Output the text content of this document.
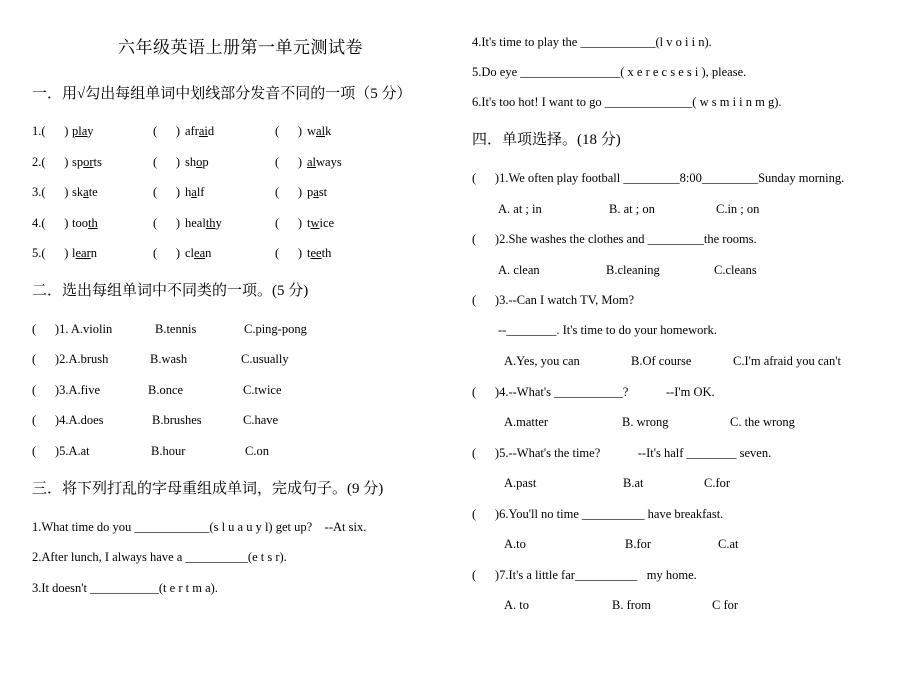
六年级英语上册第一单元测试卷
一．用√勾出每组单词中划线部分发音不同的一项（5 分）
1.(      ) play	(      ) afraid	(      ) walk
2.(      ) sports	(      ) shop	(      ) always
3.(      ) skate	(      ) half	(      ) past
4.(      ) tooth	(      ) healthy	(      ) twice
5.(      ) learn	(      ) clean	(      ) teeth
二．选出每组单词中不同类的一项。(5 分)

(      )1. A.violin

	B.tennis

	C.ping-pong

(      )2.A.brush

	B.wash

	C.usually

(      )3.A.five

	B.once

	C.twice

(      )4.A.does

	B.brushes

	C.have

(      )5.A.at

	B.hour

	C.on

三．将下列打乱的字母重组成单词，完成句子。(9 分)
1.What time do you ____________(s l u a u y l) get up?    --At six.
2.After lunch, I always have a __________(e t s r).
3.It doesn't ___________(t e r t m a).
4.It's time to play the ____________(l v o i i n).
5.Do eye ________________( x e r e c s e s i ), please.
6.It's too hot! I want to go ______________( w s m i i n m g).
四．单项选择。(18 分)
(      )1.We often play football _________8:00_________Sunday morning.

A. at ; in

	B. at ; on

	C.in ; on

(      )2.She washes the clothes and _________the rooms.

A. clean

	B.cleaning

	C.cleans

(      )3.--Can I watch TV, Mom?
--________. It's time to do your homework.

A.Yes, you can

	B.Of course

	C.I'm afraid you can't

(      )4.--What's ___________?            --I'm OK.

A.matter

	B. wrong

	C. the wrong

(      )5.--What's the time?            --It's half ________ seven.

A.past

	B.at

	C.for

(      )6.You'll no time __________ have breakfast.

A.to

	B.for

	C.at

(      )7.It's a little far__________   my home.

A. to

	B. from

	C for
